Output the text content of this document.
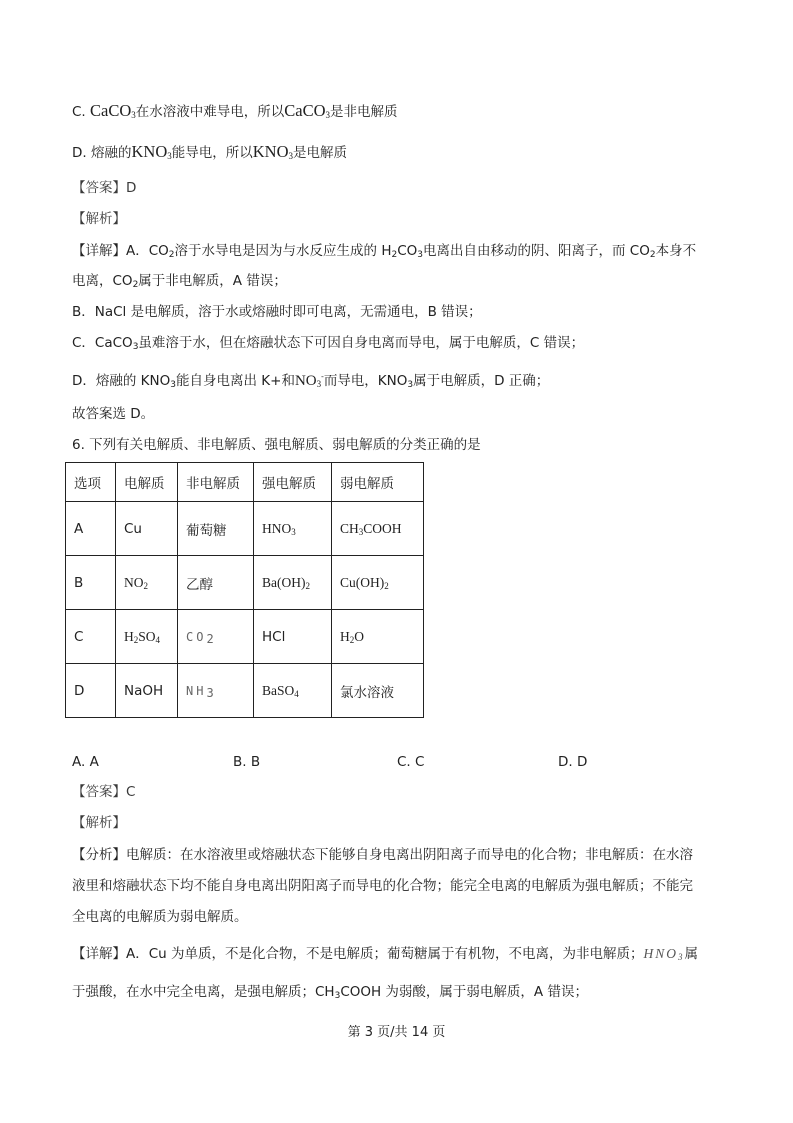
C. CaCO$_3$在水溶液中难导电，所以CaCO$_3$是非电解质
D. 熔融的$KNO_3$能导电，所以$KNO_3$是电解质
【答案】D
【解析】
【详解】A．$CO_2$溶于水导电是因为与水反应生成的 $H_2CO_3$电离出自由移动的阴、阳离子，而 $CO_2$本身不
电离，$CO_2$属于非电解质，A 错误；
B．NaCl 是电解质，溶于水或熔融时即可电离，无需通电，B 错误；
C．CaCO$_3$虽难溶于水，但在熔融状态下可因自身电离而导电，属于电解质，C 错误；
D．熔融的 $KNO_3$能自身电离出 K+和$NO_3^-$而导电，$KNO_3$属于电解质，D 正确；
故答案选 D。
6. 下列有关电解质、非电解质、强电解质、弱电解质的分类正确的是
选项	电解质	非电解质	强电解质	弱电解质
A	Cu	葡萄糖	$HNO_3$	$CH_3COOH$
B	$NO_2$	乙醇	$Ba(OH)_2$	$Cu(OH)_2$
C	$H_2SO_4$	$CO_2$	HCl	$H_2O$
D	NaOH	$NH_3$	BaSO$_4$	氯水溶液
A. A	B. B	C. C	D. D
【答案】C
【解析】
【分析】电解质：在水溶液里或熔融状态下能够自身电离出阴阳离子而导电的化合物；非电解质：在水溶
液里和熔融状态下均不能自身电离出阴阳离子而导电的化合物；能完全电离的电解质为强电解质；不能完
全电离的电解质为弱电解质。
【详解】A．Cu 为单质，不是化合物，不是电解质；葡萄糖属于有机物，不电离，为非电解质；$HNO_3$属
于强酸，在水中完全电离，是强电解质；$CH_3COOH$ 为弱酸，属于弱电解质，A 错误；
第 3 页/共 14 页
